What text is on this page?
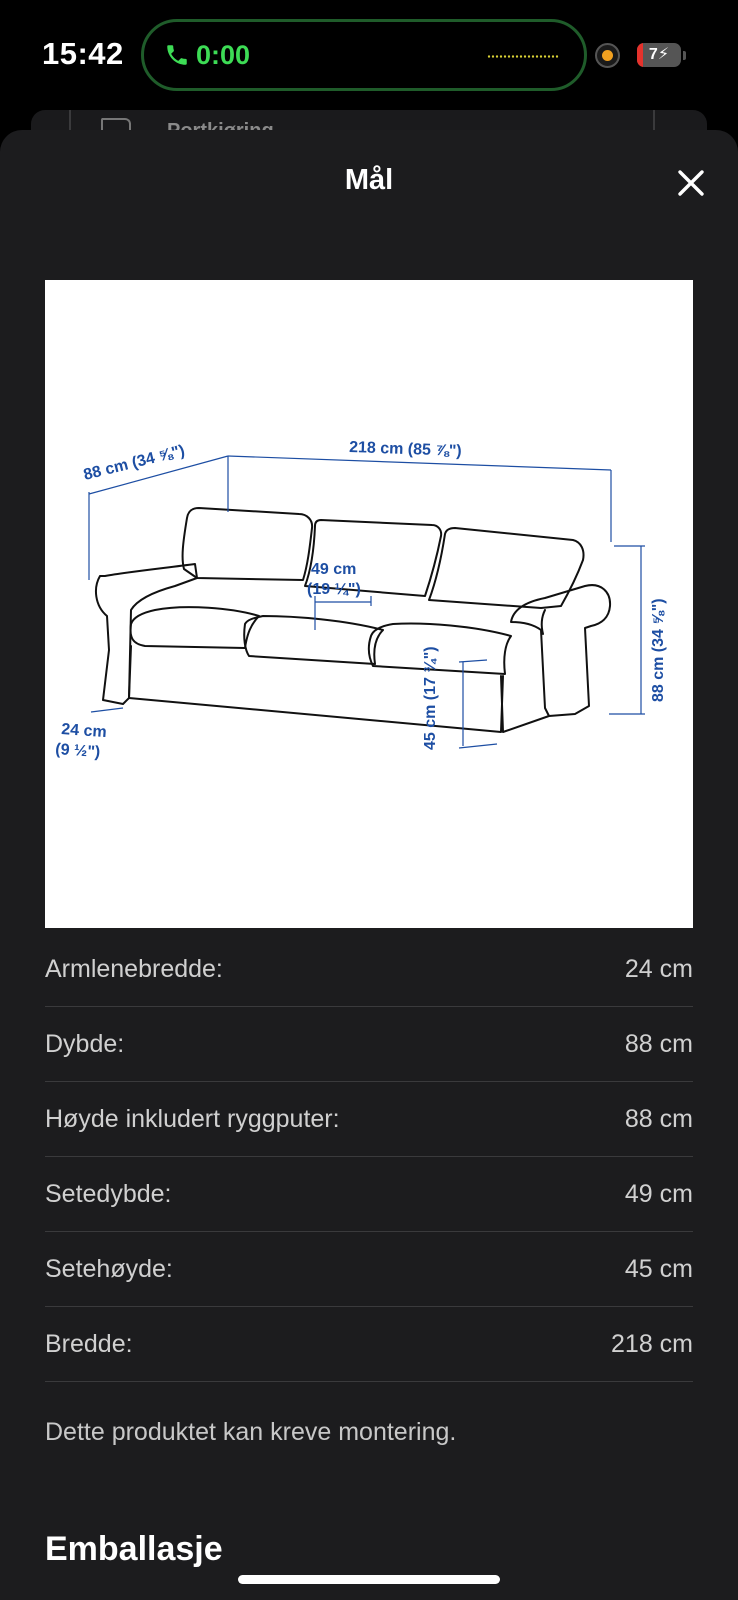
15:42	0:00	7⚡
Mål
88 cm (34 ⅝")	218 cm (85 ⅞")
49 cm
(19 ¼")
88 cm (34 ⅝")
45 cm (17 ¾")
24 cm
(9 ½")
Armlenebredde:	24 cm
Dybde:	88 cm
Høyde inkludert ryggputer:	88 cm
Setedybde:	49 cm
Setehøyde:	45 cm
Bredde:	218 cm
Dette produktet kan kreve montering.
Emballasje
